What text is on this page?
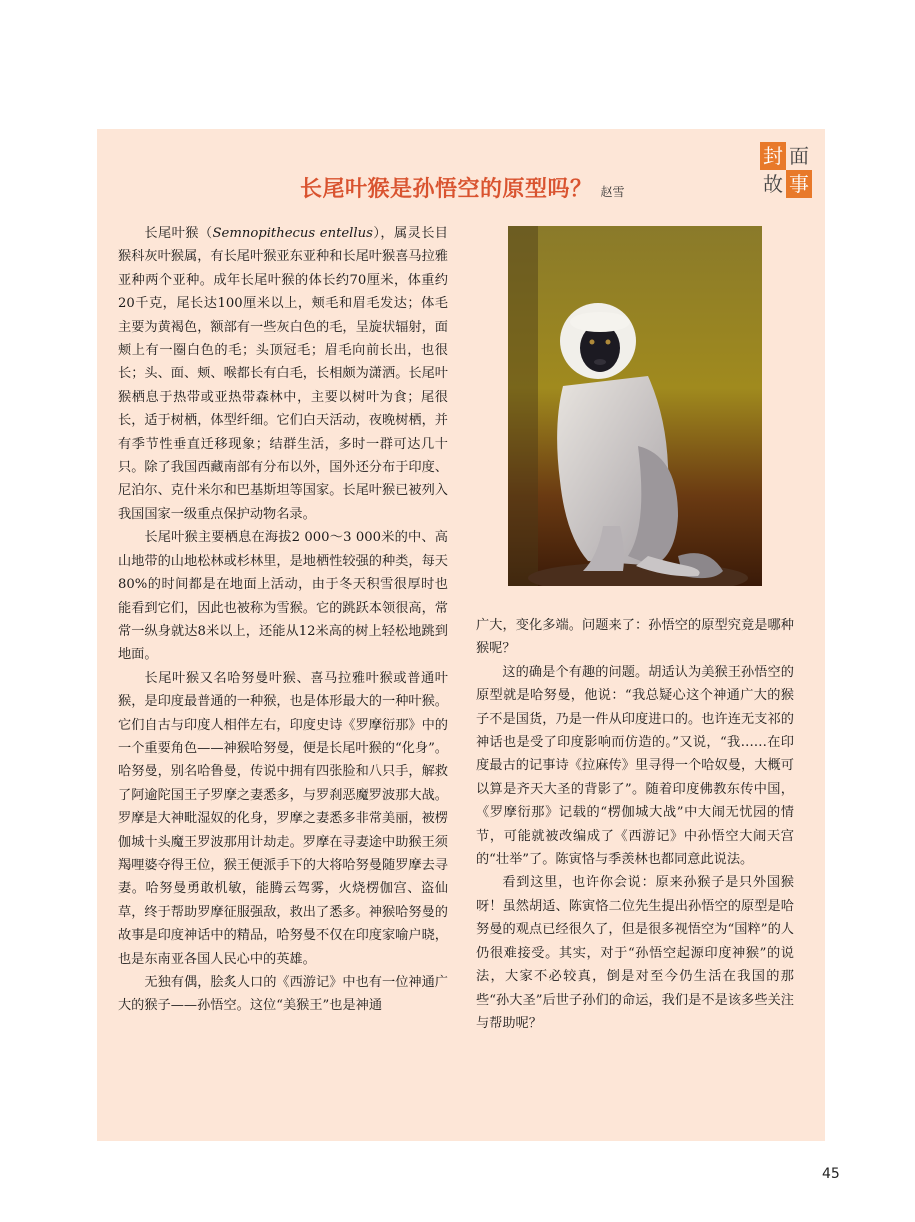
封 面
故 事
长尾叶猴是孙悟空的原型吗？ 赵雪

长尾叶猴（Semnopithecus entellus），属灵长目猴科灰叶猴属，有长尾叶猴亚东亚种和长尾叶猴喜马拉雅亚种两个亚种。成年长尾叶猴的体长约70厘米，体重约20千克，尾长达100厘米以上，颊毛和眉毛发达；体毛主要为黄褐色，额部有一些灰白色的毛，呈旋状辐射，面颊上有一圈白色的毛；头顶冠毛；眉毛向前长出，也很长；头、面、颊、喉都长有白毛，长相颇为潇洒。长尾叶猴栖息于热带或亚热带森林中，主要以树叶为食；尾很长，适于树栖，体型纤细。它们白天活动，夜晚树栖，并有季节性垂直迁移现象；结群生活，多时一群可达几十只。除了我国西藏南部有分布以外，国外还分布于印度、尼泊尔、克什米尔和巴基斯坦等国家。长尾叶猴已被列入我国国家一级重点保护动物名录。

长尾叶猴主要栖息在海拔2 000～3 000米的中、高山地带的山地松林或杉林里，是地栖性较强的种类，每天80%的时间都是在地面上活动，由于冬天积雪很厚时也能看到它们，因此也被称为雪猴。它的跳跃本领很高，常常一纵身就达8米以上，还能从12米高的树上轻松地跳到地面。

长尾叶猴又名哈努曼叶猴、喜马拉雅叶猴或普通叶猴，是印度最普通的一种猴，也是体形最大的一种叶猴。它们自古与印度人相伴左右，印度史诗《罗摩衍那》中的一个重要角色——神猴哈努曼，便是长尾叶猴的“化身”。哈努曼，别名哈鲁曼，传说中拥有四张脸和八只手，解救了阿逾陀国王子罗摩之妻悉多，与罗刹恶魔罗波那大战。罗摩是大神毗湿奴的化身，罗摩之妻悉多非常美丽，被楞伽城十头魔王罗波那用计劫走。罗摩在寻妻途中助猴王须羯哩婆夺得王位，猴王便派手下的大将哈努曼随罗摩去寻妻。哈努曼勇敢机敏，能腾云驾雾，火烧楞伽宫、盗仙草，终于帮助罗摩征服强敌，救出了悉多。神猴哈努曼的故事是印度神话中的精品，哈努曼不仅在印度家喻户晓，也是东南亚各国人民心中的英雄。

无独有偶，脍炙人口的《西游记》中也有一位神通广大的猴子——孙悟空。这位“美猴王”也是神通

广大，变化多端。问题来了：孙悟空的原型究竟是哪种猴呢？

这的确是个有趣的问题。胡适认为美猴王孙悟空的原型就是哈努曼，他说：“我总疑心这个神通广大的猴子不是国货，乃是一件从印度进口的。也许连无支祁的神话也是受了印度影响而仿造的。”又说，“我……在印度最古的记事诗《拉麻传》里寻得一个哈奴曼，大概可以算是齐天大圣的背影了”。随着印度佛教东传中国，《罗摩衍那》记载的“楞伽城大战”中大闹无忧园的情节，可能就被改编成了《西游记》中孙悟空大闹天宫的“壮举”了。陈寅恪与季羡林也都同意此说法。

看到这里，也许你会说：原来孙猴子是只外国猴呀！虽然胡适、陈寅恪二位先生提出孙悟空的原型是哈努曼的观点已经很久了，但是很多视悟空为“国粹”的人仍很难接受。其实，对于“孙悟空起源印度神猴”的说法，大家不必较真，倒是对至今仍生活在我国的那些“孙大圣”后世子孙们的命运，我们是不是该多些关注与帮助呢？

45
